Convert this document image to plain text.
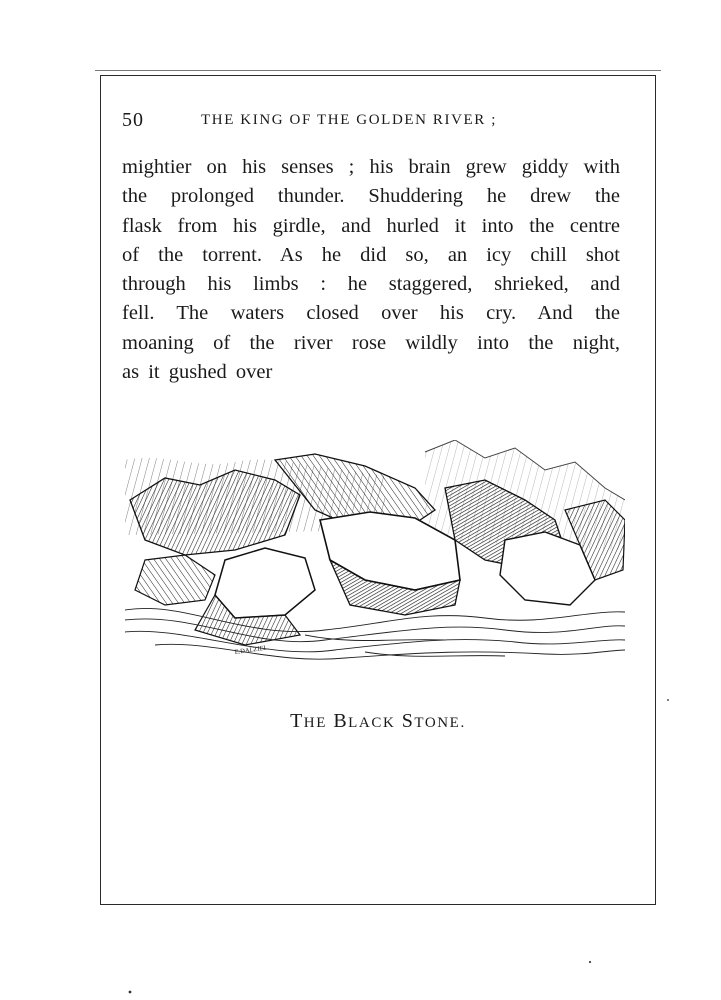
50	THE KING OF THE GOLDEN RIVER ;
mightier on his senses ; his brain grew giddy with
the prolonged thunder. Shuddering he drew the
flask from his girdle, and hurled it into the centre
of the torrent. As he did so, an icy chill shot
through his limbs : he staggered, shrieked, and
fell. The waters closed over his cry. And the
moaning of the river rose wildly into the night,
as it gushed over
E.DALZIEL.
THE BLACK STONE.
